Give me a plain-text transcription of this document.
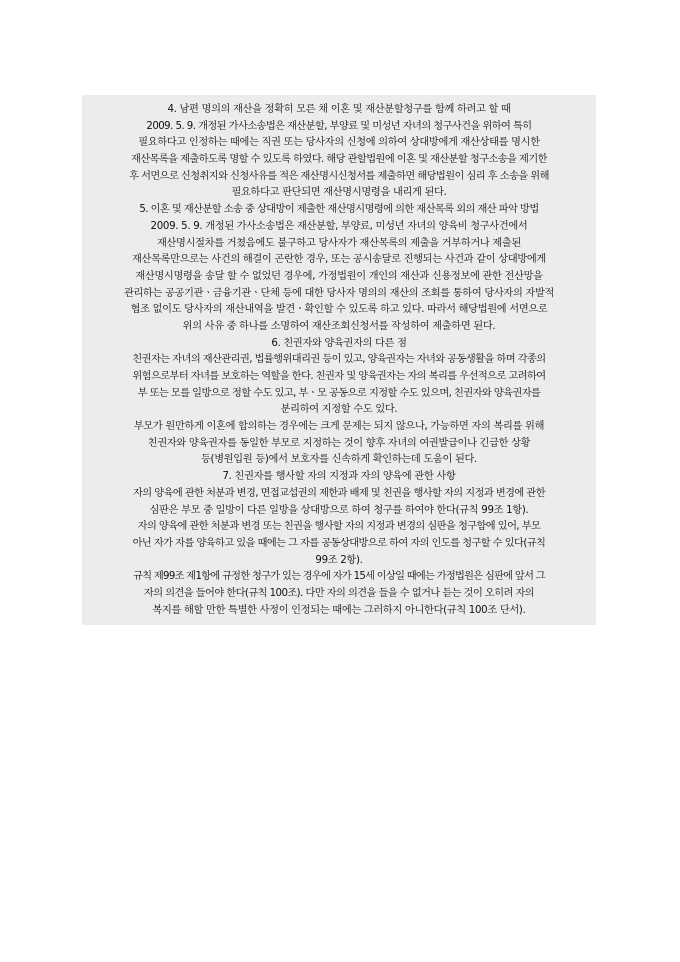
4. 남편 명의의 재산을 정확히 모른 채 이혼 및 재산분할청구를 함께 하려고 할 때
2009. 5. 9. 개정된 가사소송법은 재산분할, 부양료 및 미성년 자녀의 청구사건을 위하여 특히
필요하다고 인정하는 때에는 직권 또는 당사자의 신청에 의하여 상대방에게 재산상태를 명시한
재산목록을 제출하도록 명할 수 있도록 하였다. 해당 관할법원에 이혼 및 재산분할 청구소송을 제기한
후 서면으로 신청취지와 신청사유를 적은 재산명시신청서를 제출하면 해당법원이 심리 후 소송을 위해
필요하다고 판단되면 재산명시명령을 내리게 된다.
5. 이혼 및 재산분할 소송 중 상대방이 제출한 재산명시명령에 의한 재산목록 외의 재산 파악 방법
2009. 5. 9. 개정된 가사소송법은 재산분할, 부양료, 미성년 자녀의 양육비 청구사건에서
재산명시절차를 거쳤음에도 불구하고 당사자가 재산목록의 제출을 거부하거나 제출된
재산목록만으로는 사건의 해결이 곤란한 경우, 또는 공시송달로 진행되는 사건과 같이 상대방에게
재산명시명령을 송달 할 수 없었던 경우에, 가정법원이 개인의 재산과 신용정보에 관한 전산망을
관리하는 공공기관ㆍ금융기관ㆍ단체 등에 대한 당사자 명의의 재산의 조회를 통하여 당사자의 자발적
협조 없이도 당사자의 재산내역을 발견ㆍ확인할 수 있도록 하고 있다. 따라서 해당법원에 서면으로
위의 사유 중 하나를 소명하여 재산조회신청서를 작성하여 제출하면 된다.
6. 친권자와 양육권자의 다른 점
친권자는 자녀의 재산관리권, 법률행위대리권 등이 있고, 양육권자는 자녀와 공동생활을 하며 각종의
위험으로부터 자녀를 보호하는 역할을 한다. 친권자 및 양육권자는 자의 복리를 우선적으로 고려하여
부 또는 모를 일방으로 정할 수도 있고, 부ㆍ모 공동으로 지정할 수도 있으며, 친권자와 양육권자를
분리하여 지정할 수도 있다.
부모가 원만하게 이혼에 합의하는 경우에는 크게 문제는 되지 않으나, 가능하면 자의 복리를 위해
친권자와 양육권자를 동일한 부모로 지정하는 것이 향후 자녀의 여권발급이나 긴급한 상황
등(병원입원 등)에서 보호자를 신속하게 확인하는데 도움이 된다.
7. 친권자를 행사할 자의 지정과 자의 양육에 관한 사항
자의 양육에 관한 처분과 변경, 면접교섭권의 제한과 배제 및 친권을 행사할 자의 지정과 변경에 관한
심판은 부모 중 일방이 다른 일방을 상대방으로 하여 청구를 하여야 한다(규칙 99조 1항).
자의 양육에 관한 처분과 변경 또는 친권을 행사할 자의 지정과 변경의 심판을 청구함에 있어, 부모
아닌 자가 자를 양육하고 있을 때에는 그 자를 공동상대방으로 하여 자의 인도를 청구할 수 있다(규칙
99조 2항).
규칙 제99조 제1항에 규정한 청구가 있는 경우에 자가 15세 이상일 때에는 가정법원은 심판에 앞서 그
자의 의견을 들어야 한다(규칙 100조). 다만 자의 의견을 들을 수 없거나 듣는 것이 오히려 자의
복지를 해할 만한 특별한 사정이 인정되는 때에는 그러하지 아니한다(규칙 100조 단서).
